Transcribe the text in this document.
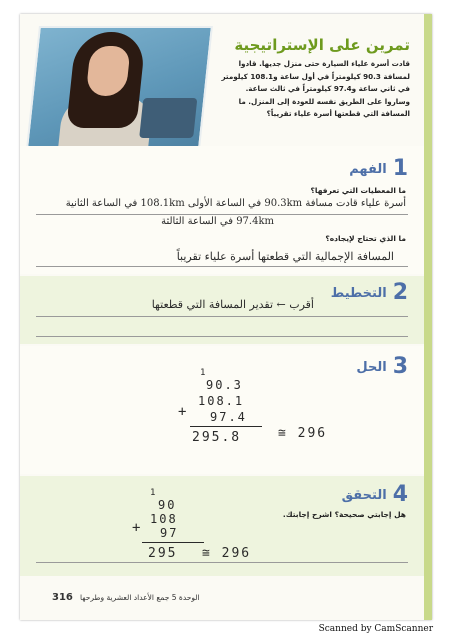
تمرين على الإستراتيجية
قادت أسرة علياء السيارة حتى منزل جديها. قادوا لمسافة 90.3 كيلومتراً في أول ساعة و108.1 كيلومتر في ثاني ساعة و97.4 كيلومتراً في ثالث ساعة. وساروا على الطريق نفسه للعودة إلى المنزل. ما المسافة التي قطعتها أسرة علياء تقريباً؟
1
الفهم
ما المعطيات التي تعرفها؟
أسرة علياء قادت مسافة 90.3km في الساعة الأولى 108.1km في الساعة الثانية
97.4km في الساعة الثالثة
ما الذي تحتاج لإيجاده؟
المسافة الإجمالية التي قطعتها أسرة علياء تقريباً
2
التخطيط
أقرب ← تقدير المسافة التي قطعتها
3
الحل
1
90.3
108.1
+ 97.4
295.8	≅ 296
4
التحقق
هل إجابتي صحيحة؟ اشرح إجابتك.
1
90
108
+ 97
295 ≅ 296
316 الوحدة 5 جمع الأعداد العشرية وطرحها
Scanned by CamScanner
